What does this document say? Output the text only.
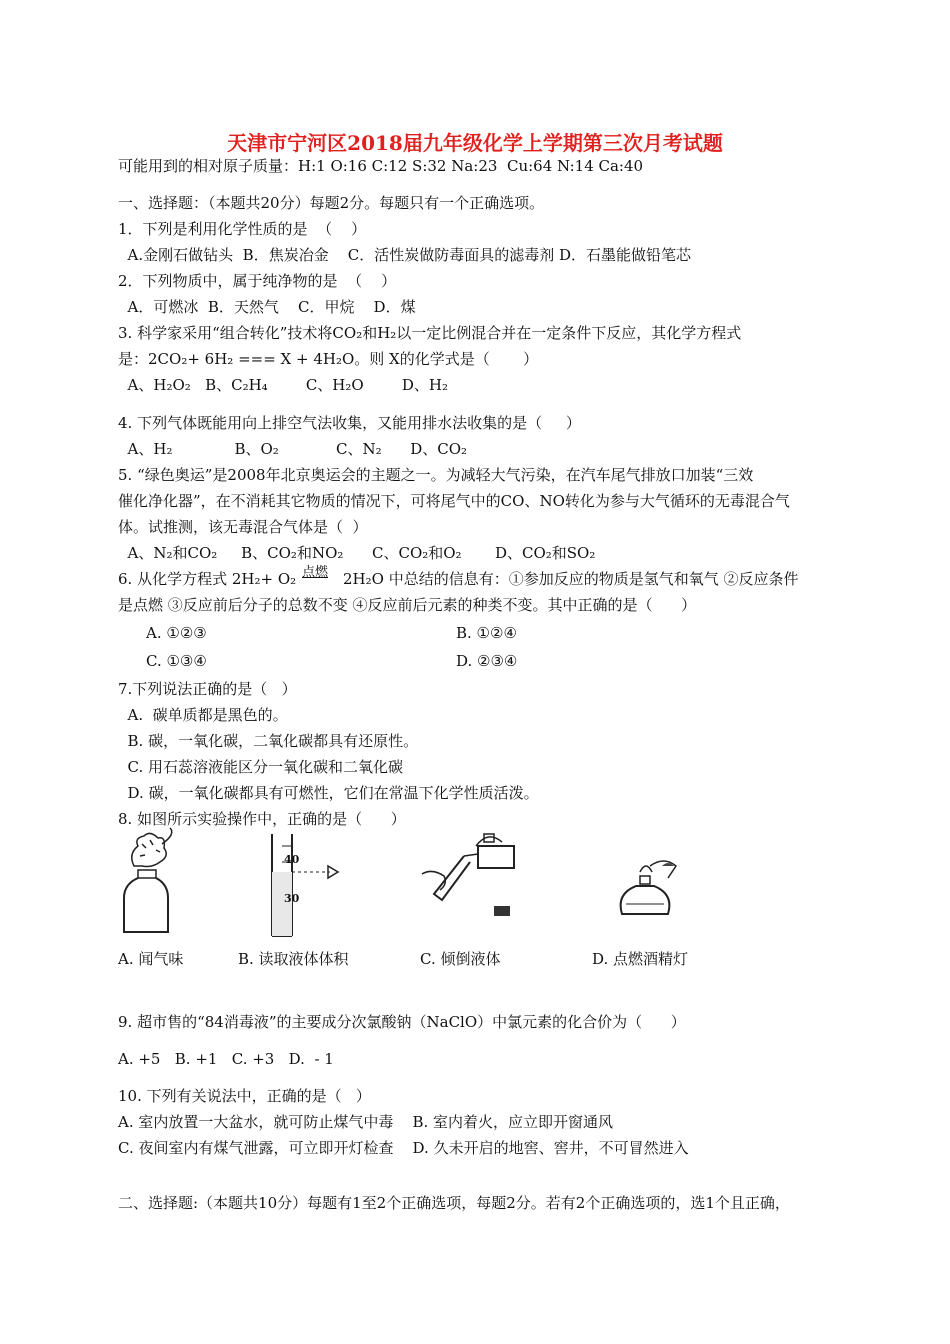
天津市宁河区2018届九年级化学上学期第三次月考试题
可能用到的相对原子质量：H:1 O:16 C:12 S:32 Na:23  Cu:64 N:14 Ca:40
一、选择题：（本题共20分）每题2分。每题只有一个正确选项。
1．下列是利用化学性质的是  （    ）
A.金刚石做钻头  B．焦炭冶金    C．活性炭做防毒面具的滤毒剂 D．石墨能做铅笔芯
2．下列物质中，属于纯净物的是  （    ）
A．可燃冰  B．天然气    C．甲烷    D．煤
3. 科学家采用“组合转化”技术将CO₂和H₂以一定比例混合并在一定条件下反应，其化学方程式
是：2CO₂+ 6H₂ === X + 4H₂O。则 X的化学式是（       ）
A、H₂O₂   B、C₂H₄        C、H₂O        D、H₂
4. 下列气体既能用向上排空气法收集，又能用排水法收集的是（     ）
A、H₂             B、O₂            C、N₂      D、CO₂
5. “绿色奥运”是2008年北京奥运会的主题之一。为减轻大气污染，在汽车尾气排放口加装“三效
催化净化器”，在不消耗其它物质的情况下，可将尾气中的CO、NO转化为参与大气循环的无毒混合气
体。试推测，该无毒混合气体是（  ）
A、N₂和CO₂     B、CO₂和NO₂      C、CO₂和O₂       D、CO₂和SO₂
6. 从化学方程式 2H₂+ O₂ 点燃 2H₂O 中总结的信息有：①参加反应的物质是氢气和氧气 ②反应条件
是点燃 ③反应前后分子的总数不变 ④反应前后元素的种类不变。其中正确的是（      ）
A. ①②③	B. ①②④
C. ①③④	D. ②③④
7.下列说法正确的是（   ）
A.  碳单质都是黑色的。
B. 碳，一氧化碳，二氧化碳都具有还原性。
C. 用石蕊溶液能区分一氧化碳和二氧化碳
D. 碳，一氧化碳都具有可燃性，它们在常温下化学性质活泼。
8. 如图所示实验操作中，正确的是（      ）
40
30
A. 闻气味	B. 读取液体体积	C. 倾倒液体	D. 点燃酒精灯
9. 超市售的“84消毒液”的主要成分次氯酸钠（NaClO）中氯元素的化合价为（      ）
A. +5   B. +1   C. +3   D.  - 1
10. 下列有关说法中，正确的是（   ）
A. 室内放置一大盆水，就可防止煤气中毒    B. 室内着火，应立即开窗通风
C. 夜间室内有煤气泄露，可立即开灯检查    D. 久未开启的地窖、窖井，不可冒然进入
二、选择题:（本题共10分）每题有1至2个正确选项，每题2分。若有2个正确选项的，选1个且正确，
